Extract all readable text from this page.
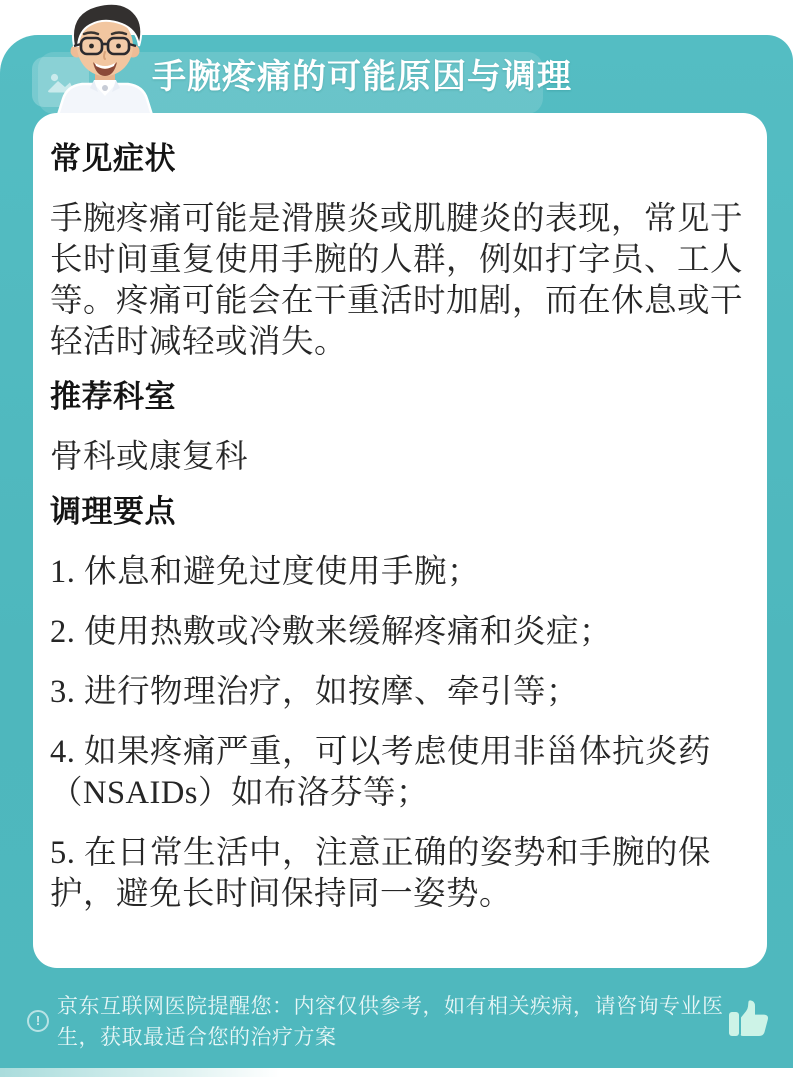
手腕疼痛的可能原因与调理
常见症状

手腕疼痛可能是滑膜炎或肌腱炎的表现，常见于长时间重复使用手腕的人群，例如打字员、工人等。疼痛可能会在干重活时加剧，而在休息或干轻活时减轻或消失。

推荐科室

骨科或康复科

调理要点

1. 休息和避免过度使用手腕；

2. 使用热敷或冷敷来缓解疼痛和炎症；

3. 进行物理治疗，如按摩、牵引等；

4. 如果疼痛严重，可以考虑使用非甾体抗炎药（NSAIDs）如布洛芬等；

5. 在日常生活中，注意正确的姿势和手腕的保护，避免长时间保持同一姿势。

!
京东互联网医院提醒您：内容仅供参考，如有相关疾病，请咨询专业医生，获取最适合您的治疗方案
